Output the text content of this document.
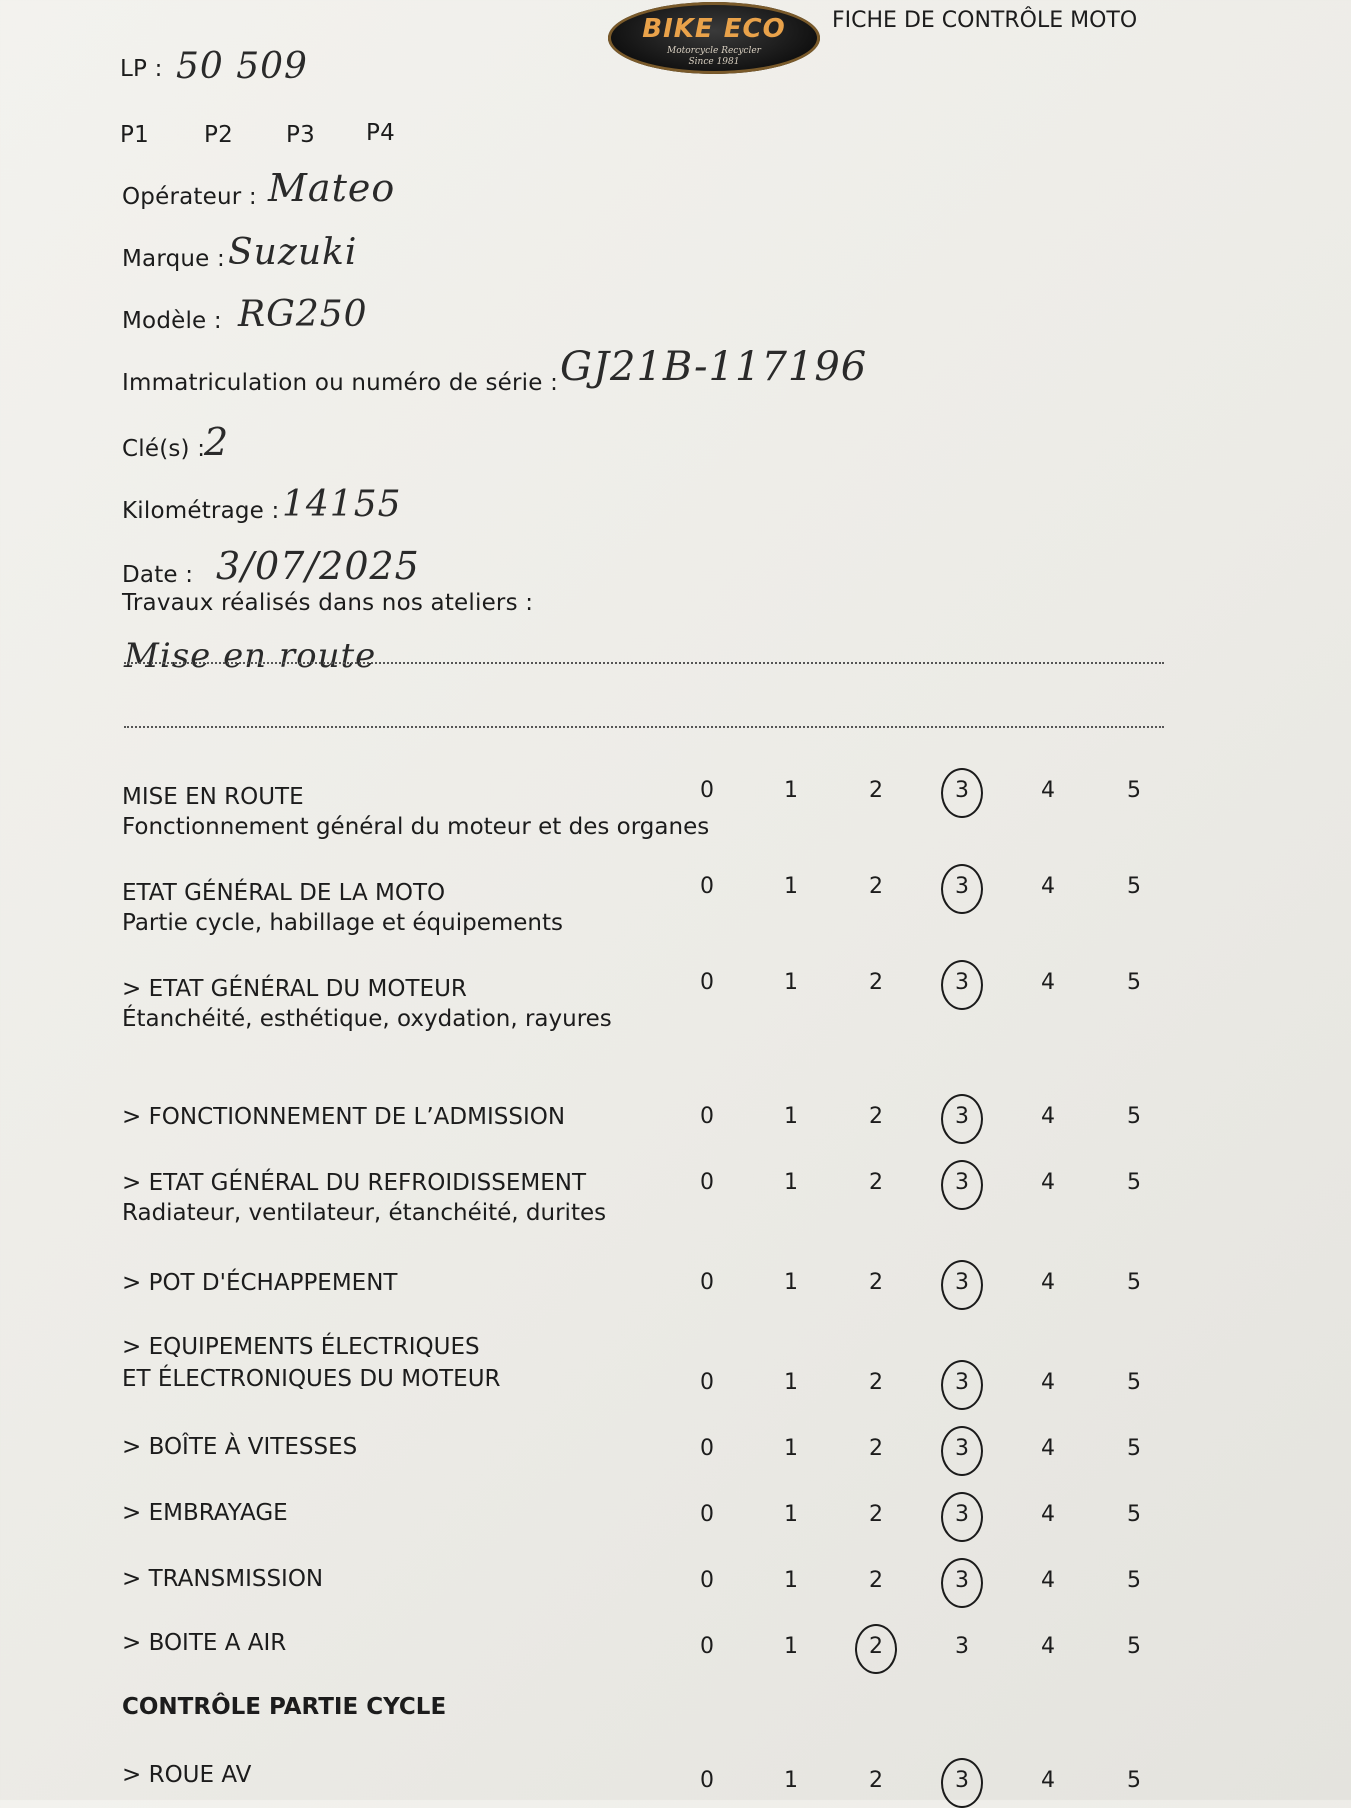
BIKE ECO
Motorcycle Recycler
Since 1981
FICHE DE CONTRÔLE MOTO
LP : 50 509
P1 P2 P3 P4
Opérateur : Mateo
Marque : Suzuki
Modèle : RG250
Immatriculation ou numéro de série : GJ21B-117196
Clé(s) :
2
Kilométrage : 14155
Date : 3/07/2025
Travaux réalisés dans nos ateliers :
Mise en route
MISE EN ROUTE
Fonctionnement général du moteur et des organes
0	1	2	3	4	5
ETAT GÉNÉRAL DE LA MOTO
Partie cycle, habillage et équipements
0	1	2	3	4	5
> ETAT GÉNÉRAL DU MOTEUR
Étanchéité, esthétique, oxydation, rayures
0	1	2	3	4	5
> FONCTIONNEMENT DE L’ADMISSION	0	1	2	3	4	5
> ETAT GÉNÉRAL DU REFROIDISSEMENT
Radiateur, ventilateur, étanchéité, durites
0	1	2	3	4	5
> POT D'ÉCHAPPEMENT	0	1	2	3	4	5
> EQUIPEMENTS ÉLECTRIQUES
ET ÉLECTRONIQUES DU MOTEUR	0	1	2	3	4	5
> BOÎTE À VITESSES	0	1	2	3	4	5
> EMBRAYAGE	0	1	2	3	4	5
> TRANSMISSION	0	1	2	3	4	5
> BOITE A AIR	0	1	2	3	4	5
CONTRÔLE PARTIE CYCLE
> ROUE AV	0	1	2	3	4	5
